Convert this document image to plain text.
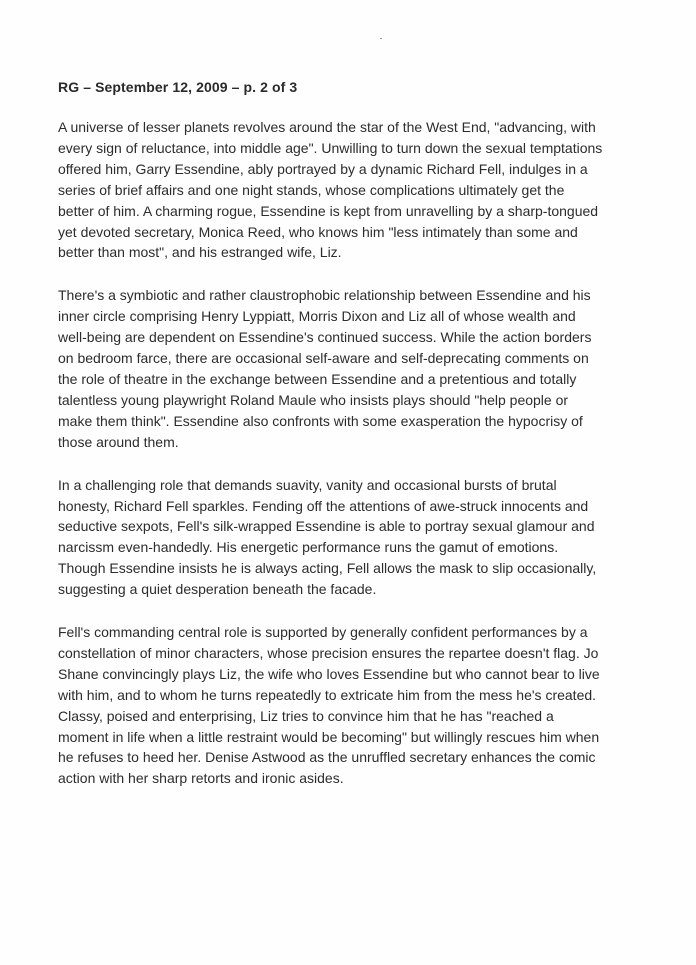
RG – September 12, 2009 – p. 2 of 3
A universe of lesser planets revolves around the star of the West End, "advancing, with
every sign of reluctance, into middle age". Unwilling to turn down the sexual temptations
offered him, Garry Essendine, ably portrayed by a dynamic Richard Fell, indulges in a
series of brief affairs and one night stands, whose complications ultimately get the
better of him. A charming rogue, Essendine is kept from unravelling by a sharp-tongued
yet devoted secretary, Monica Reed, who knows him "less intimately than some and
better than most", and his estranged wife, Liz.
There's a symbiotic and rather claustrophobic relationship between Essendine and his
inner circle comprising Henry Lyppiatt, Morris Dixon and Liz all of whose wealth and
well-being are dependent on Essendine's continued success. While the action borders
on bedroom farce, there are occasional self-aware and self-deprecating comments on
the role of theatre in the exchange between Essendine and a pretentious and totally
talentless young playwright Roland Maule who insists plays should "help people or
make them think". Essendine also confronts with some exasperation the hypocrisy of
those around them.
In a challenging role that demands suavity, vanity and occasional bursts of brutal
honesty, Richard Fell sparkles. Fending off the attentions of awe-struck innocents and
seductive sexpots, Fell's silk-wrapped Essendine is able to portray sexual glamour and
narcissm even-handedly. His energetic performance runs the gamut of emotions.
Though Essendine insists he is always acting, Fell allows the mask to slip occasionally,
suggesting a quiet desperation beneath the facade.
Fell's commanding central role is supported by generally confident performances by a
constellation of minor characters, whose precision ensures the repartee doesn't flag. Jo
Shane convincingly plays Liz, the wife who loves Essendine but who cannot bear to live
with him, and to whom he turns repeatedly to extricate him from the mess he's created.
Classy, poised and enterprising, Liz tries to convince him that he has "reached a
moment in life when a little restraint would be becoming" but willingly rescues him when
he refuses to heed her. Denise Astwood as the unruffled secretary enhances the comic
action with her sharp retorts and ironic asides.
